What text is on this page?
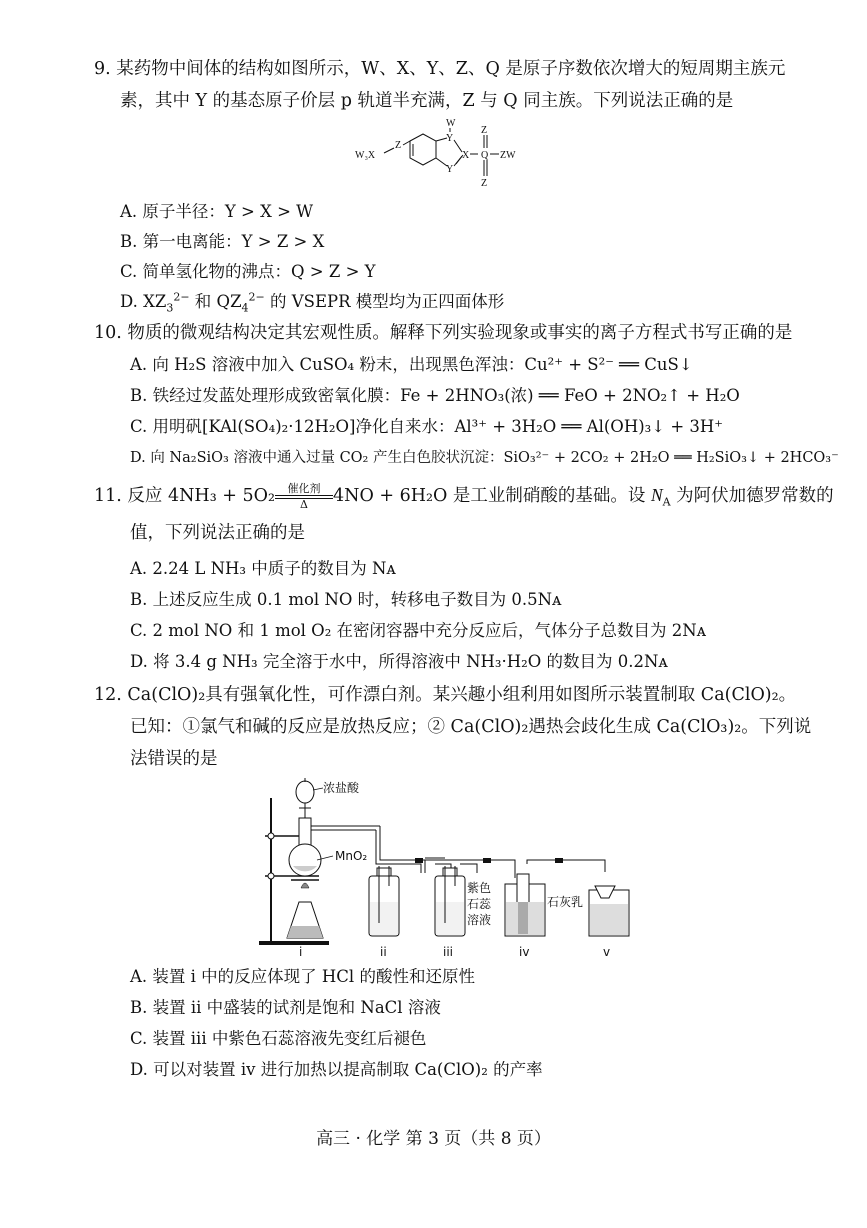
9. 某药物中间体的结构如图所示，W、X、Y、Z、Q 是原子序数依次增大的短周期主族元
素，其中 Y 的基态原子价层 p 轨道半充满，Z 与 Q 同主族。下列说法正确的是
W₃X
Z
W
Y
Y
X Q
Z
Z
ZW
A. 原子半径：Y > X > W
B. 第一电离能：Y > Z > X
C. 简单氢化物的沸点：Q > Z > Y
D. $XZ_3^{2-}$ 和 $QZ_4^{2-}$ 的 VSEPR 模型均为正四面体形
10. 物质的微观结构决定其宏观性质。解释下列实验现象或事实的离子方程式书写正确的是
A. 向 H₂S 溶液中加入 CuSO₄ 粉末，出现黑色浑浊：Cu²⁺ + S²⁻ ══ CuS↓
B. 铁经过发蓝处理形成致密氧化膜：Fe + 2HNO₃(浓) ══ FeO + 2NO₂↑ + H₂O
C. 用明矾[KAl(SO₄)₂·12H₂O]净化自来水：Al³⁺ + 3H₂O ══ Al(OH)₃↓ + 3H⁺
D. 向 Na₂SiO₃ 溶液中通入过量 CO₂ 产生白色胶状沉淀：SiO₃²⁻ + 2CO₂ + 2H₂O ══ H₂SiO₃↓ + 2HCO₃⁻
11. 反应 4NH₃ + 5O₂	催化剂
Δ	4NO + 6H₂O 是工业制硝酸的基础。设 $N_A$ 为阿伏加德罗常数的
值，下列说法正确的是
A. 2.24 L NH₃ 中质子的数目为 Nᴀ
B. 上述反应生成 0.1 mol NO 时，转移电子数目为 0.5Nᴀ
C. 2 mol NO 和 1 mol O₂ 在密闭容器中充分反应后，气体分子总数目为 2Nᴀ
D. 将 3.4 g NH₃ 完全溶于水中，所得溶液中 NH₃·H₂O 的数目为 0.2Nᴀ
12. Ca(ClO)₂具有强氧化性，可作漂白剂。某兴趣小组利用如图所示装置制取 Ca(ClO)₂。
已知：①氯气和碱的反应是放热反应；② Ca(ClO)₂遇热会歧化生成 Ca(ClO₃)₂。下列说
法错误的是
浓盐酸
MnO₂
紫色
石蕊
溶液
石灰乳
i	ii	iii	iv	v
A. 装置 i 中的反应体现了 HCl 的酸性和还原性
B. 装置 ii 中盛装的试剂是饱和 NaCl 溶液
C. 装置 iii 中紫色石蕊溶液先变红后褪色
D. 可以对装置 iv 进行加热以提高制取 Ca(ClO)₂ 的产率
高三 · 化学 第 3 页（共 8 页）
